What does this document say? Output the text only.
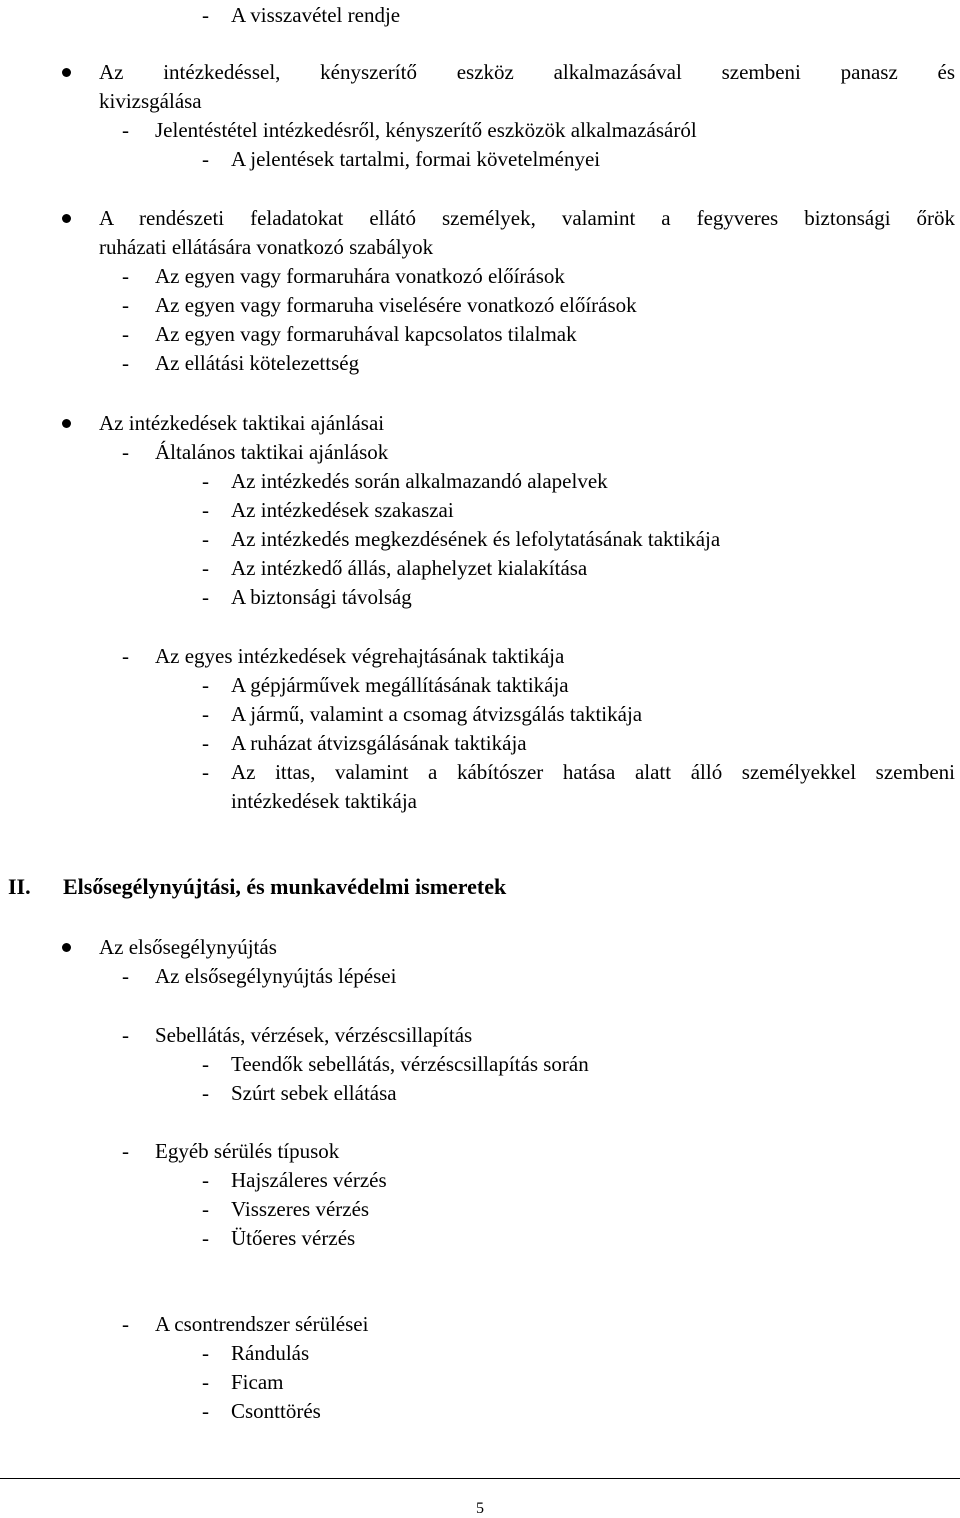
- A visszavétel rendje
Az intézkedéssel, kényszerítő eszköz alkalmazásával szembeni panasz és
kivizsgálása
- Jelentéstétel intézkedésről, kényszerítő eszközök alkalmazásáról
- A jelentések tartalmi, formai követelményei
A rendészeti feladatokat ellátó személyek, valamint a fegyveres biztonsági őrök
ruházati ellátására vonatkozó szabályok
- Az egyen vagy formaruhára vonatkozó előírások
- Az egyen vagy formaruha viselésére vonatkozó előírások
- Az egyen vagy formaruhával kapcsolatos tilalmak
- Az ellátási kötelezettség
Az intézkedések taktikai ajánlásai
- Általános taktikai ajánlások
- Az intézkedés során alkalmazandó alapelvek
- Az intézkedések szakaszai
- Az intézkedés megkezdésének és lefolytatásának taktikája
- Az intézkedő állás, alaphelyzet kialakítása
- A biztonsági távolság
- Az egyes intézkedések végrehajtásának taktikája
- A gépjárművek megállításának taktikája
- A jármű, valamint a csomag átvizsgálás taktikája
- A ruházat átvizsgálásának taktikája
- Az ittas, valamint a kábítószer hatása alatt álló személyekkel szembeni
intézkedések taktikája
II. Elsősegélynyújtási, és munkavédelmi ismeretek
Az elsősegélynyújtás
- Az elsősegélynyújtás lépései
- Sebellátás, vérzések, vérzéscsillapítás
- Teendők sebellátás, vérzéscsillapítás során
- Szúrt sebek ellátása
- Egyéb sérülés típusok
- Hajszáleres vérzés
- Visszeres vérzés
- Ütőeres vérzés
- A csontrendszer sérülései
- Rándulás
- Ficam
- Csonttörés
5
